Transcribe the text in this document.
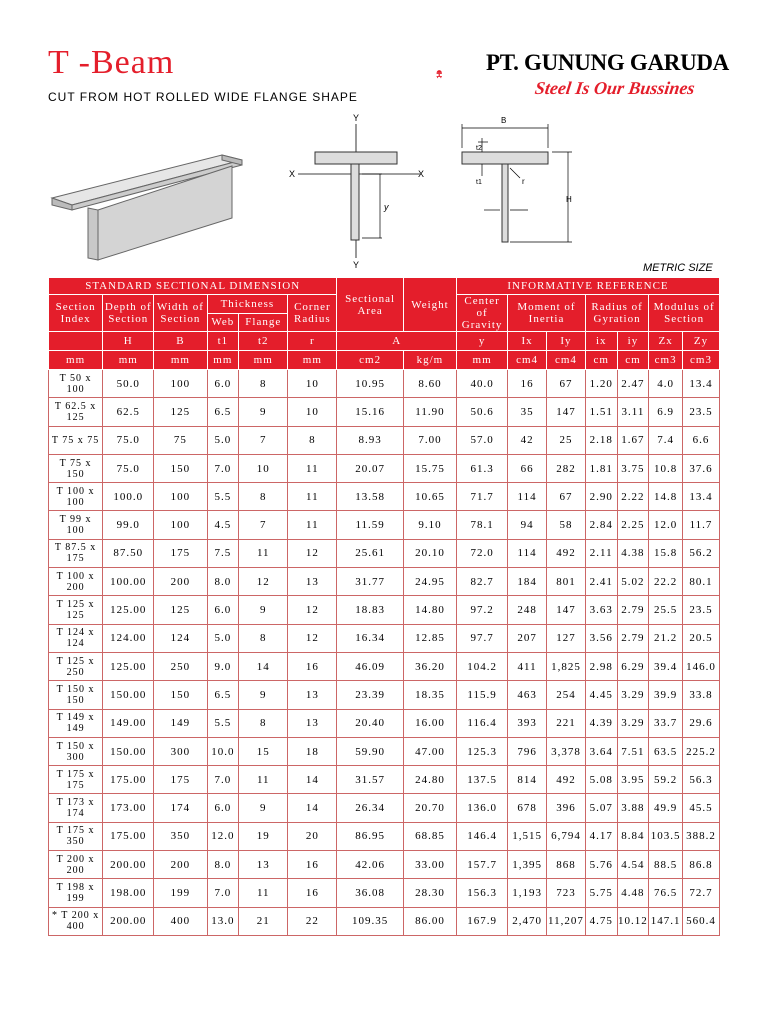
T -Beam
CUT FROM HOT ROLLED WIDE FLANGE SHAPE
PT. GUNUNG GARUDA
Steel Is Our Bussines
Y
Y
X	X
y
B
H
t2
t1	r
METRIC SIZE
STANDARD SECTIONAL DIMENSION						Sectional Area	Weight	INFORMATIVE REFERENCE						
Section Index	Depth of Section	Width of Section	Thickness		Corner Radius			Center of Gravity	Moment of Inertia		Radius of Gyration		Modulus of Section	
			Web	Flange										
	H	B	t1	t2	r	A		y	Ix	Iy	ix	iy	Zx	Zy
mm	mm	mm	mm	mm	mm	cm2	kg/m	mm	cm4	cm4	cm	cm	cm3	cm3
T 50 x 100	50.0	100	6.0	8	10	10.95	8.60	40.0	16	67	1.20	2.47	4.0	13.4
T 62.5 x 125	62.5	125	6.5	9	10	15.16	11.90	50.6	35	147	1.51	3.11	6.9	23.5
T 75 x 75	75.0	75	5.0	7	8	8.93	7.00	57.0	42	25	2.18	1.67	7.4	6.6
T 75 x 150	75.0	150	7.0	10	11	20.07	15.75	61.3	66	282	1.81	3.75	10.8	37.6
T 100 x 100	100.0	100	5.5	8	11	13.58	10.65	71.7	114	67	2.90	2.22	14.8	13.4
T 99 x 100	99.0	100	4.5	7	11	11.59	9.10	78.1	94	58	2.84	2.25	12.0	11.7
T 87.5 x 175	87.50	175	7.5	11	12	25.61	20.10	72.0	114	492	2.11	4.38	15.8	56.2
T 100 x 200	100.00	200	8.0	12	13	31.77	24.95	82.7	184	801	2.41	5.02	22.2	80.1
T 125 x 125	125.00	125	6.0	9	12	18.83	14.80	97.2	248	147	3.63	2.79	25.5	23.5
T 124 x 124	124.00	124	5.0	8	12	16.34	12.85	97.7	207	127	3.56	2.79	21.2	20.5
T 125 x 250	125.00	250	9.0	14	16	46.09	36.20	104.2	411	1,825	2.98	6.29	39.4	146.0
T 150 x 150	150.00	150	6.5	9	13	23.39	18.35	115.9	463	254	4.45	3.29	39.9	33.8
T 149 x 149	149.00	149	5.5	8	13	20.40	16.00	116.4	393	221	4.39	3.29	33.7	29.6
T 150 x 300	150.00	300	10.0	15	18	59.90	47.00	125.3	796	3,378	3.64	7.51	63.5	225.2
T 175 x 175	175.00	175	7.0	11	14	31.57	24.80	137.5	814	492	5.08	3.95	59.2	56.3
T 173 x 174	173.00	174	6.0	9	14	26.34	20.70	136.0	678	396	5.07	3.88	49.9	45.5
T 175 x 350	175.00	350	12.0	19	20	86.95	68.85	146.4	1,515	6,794	4.17	8.84	103.5	388.2
T 200 x 200	200.00	200	8.0	13	16	42.06	33.00	157.7	1,395	868	5.76	4.54	88.5	86.8
T 198 x 199	198.00	199	7.0	11	16	36.08	28.30	156.3	1,193	723	5.75	4.48	76.5	72.7
* T 200 x 400	200.00	400	13.0	21	22	109.35	86.00	167.9	2,470	11,207	4.75	10.12	147.1	560.4
